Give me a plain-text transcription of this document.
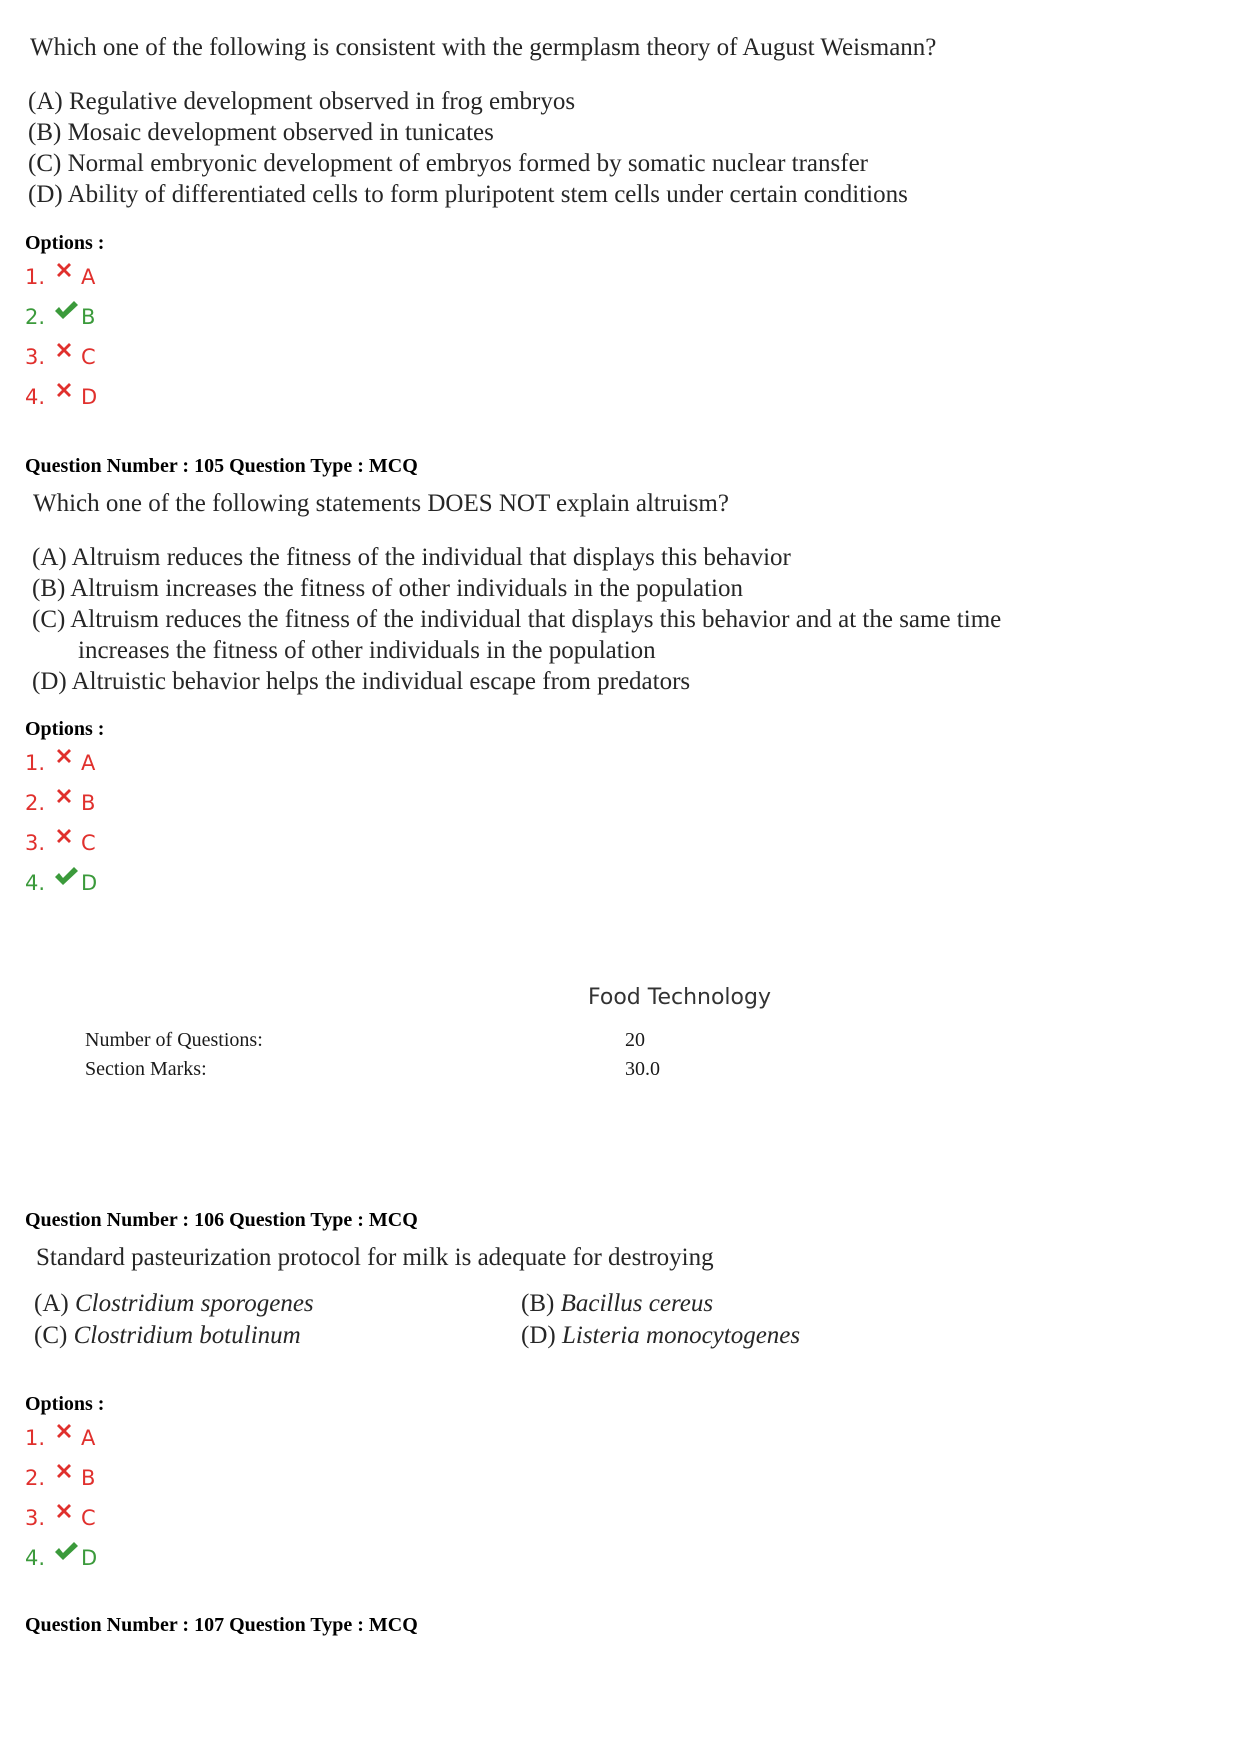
Which one of the following is consistent with the germplasm theory of August Weismann?
(A) Regulative development observed in frog embryos
(B) Mosaic development observed in tunicates
(C) Normal embryonic development of embryos formed by somatic nuclear transfer
(D) Ability of differentiated cells to form pluripotent stem cells under certain conditions
Options :
1.	A
2.	B
3.	C
4.	D
Question Number : 105 Question Type : MCQ
Which one of the following statements DOES NOT explain altruism?
(A) Altruism reduces the fitness of the individual that displays this behavior
(B) Altruism increases the fitness of other individuals in the population
(C) Altruism reduces the fitness of the individual that displays this behavior and at the same time
increases the fitness of other individuals in the population
(D) Altruistic behavior helps the individual escape from predators
Options :
1.	A
2.	B
3.	C
4.	D
Food Technology
Number of Questions:	20
Section Marks:	30.0
Question Number : 106 Question Type : MCQ
Standard pasteurization protocol for milk is adequate for destroying
(A) Clostridium sporogenes	(B) Bacillus cereus
(C) Clostridium botulinum	(D) Listeria monocytogenes
Options :
1.	A
2.	B
3.	C
4.	D
Question Number : 107 Question Type : MCQ
